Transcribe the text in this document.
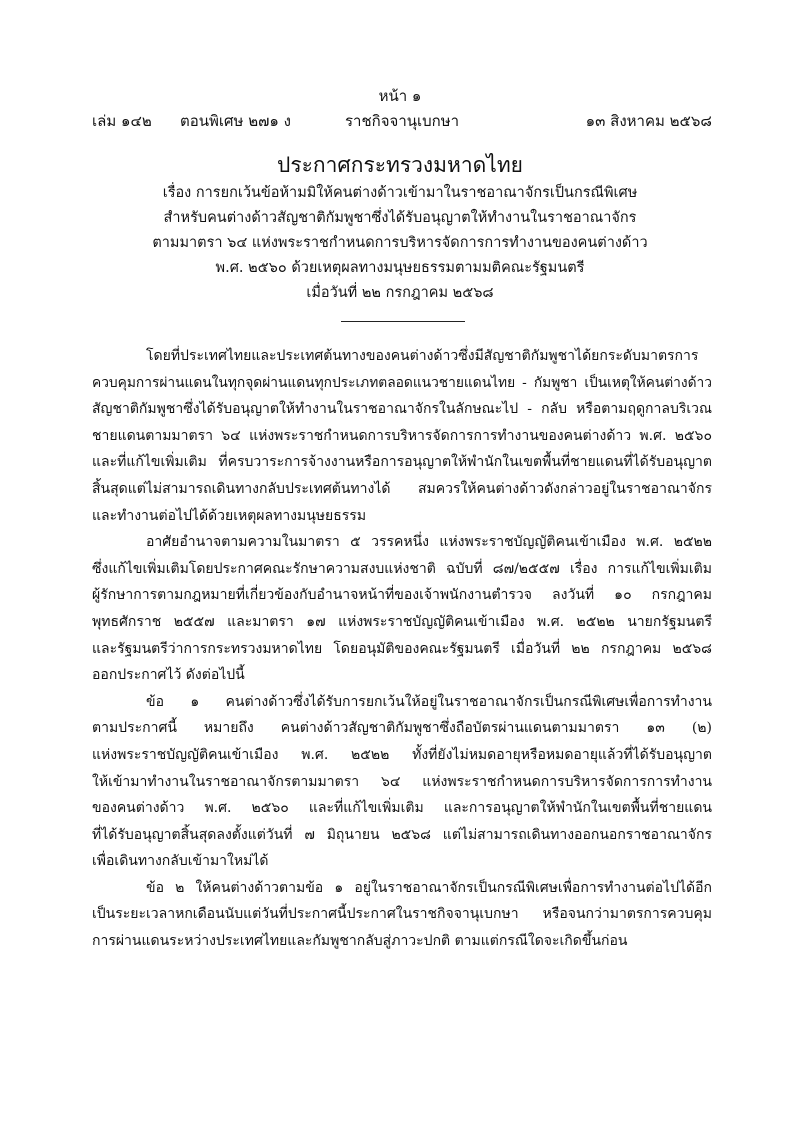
หน้า ๑
เล่ม ๑๔๒ ตอนพิเศษ ๒๗๑ ง	ราชกิจจานุเบกษา	๑๓ สิงหาคม ๒๕๖๘
ประกาศกระทรวงมหาดไทย
เรื่อง การยกเว้นข้อห้ามมิให้คนต่างด้าวเข้ามาในราชอาณาจักรเป็นกรณีพิเศษ
สำหรับคนต่างด้าวสัญชาติกัมพูชาซึ่งได้รับอนุญาตให้ทำงานในราชอาณาจักร
ตามมาตรา ๖๔ แห่งพระราชกำหนดการบริหารจัดการการทำงานของคนต่างด้าว
พ.ศ. ๒๕๖๐ ด้วยเหตุผลทางมนุษยธรรมตามมติคณะรัฐมนตรี
เมื่อวันที่ ๒๒ กรกฎาคม ๒๕๖๘

โดยที่ประเทศไทยและประเทศต้นทางของคนต่างด้าวซึ่งมีสัญชาติกัมพูชาได้ยกระดับมาตรการ
ควบคุมการผ่านแดนในทุกจุดผ่านแดนทุกประเภทตลอดแนวชายแดนไทย - กัมพูชา เป็นเหตุให้คนต่างด้าว
สัญชาติกัมพูชาซึ่งได้รับอนุญาตให้ทำงานในราชอาณาจักรในลักษณะไป - กลับ หรือตามฤดูกาลบริเวณ
ชายแดนตามมาตรา ๖๔ แห่งพระราชกำหนดการบริหารจัดการการทำงานของคนต่างด้าว พ.ศ. ๒๕๖๐
และที่แก้ไขเพิ่มเติม ที่ครบวาระการจ้างงานหรือการอนุญาตให้พำนักในเขตพื้นที่ชายแดนที่ได้รับอนุญาต
สิ้นสุดแต่ไม่สามารถเดินทางกลับประเทศต้นทางได้ สมควรให้คนต่างด้าวดังกล่าวอยู่ในราชอาณาจักร
และทำงานต่อไปได้ด้วยเหตุผลทางมนุษยธรรม

อาศัยอำนาจตามความในมาตรา ๕ วรรคหนึ่ง แห่งพระราชบัญญัติคนเข้าเมือง พ.ศ. ๒๕๒๒
ซึ่งแก้ไขเพิ่มเติมโดยประกาศคณะรักษาความสงบแห่งชาติ ฉบับที่ ๘๗/๒๕๕๗ เรื่อง การแก้ไขเพิ่มเติม
ผู้รักษาการตามกฎหมายที่เกี่ยวข้องกับอำนาจหน้าที่ของเจ้าพนักงานตำรวจ ลงวันที่ ๑๐ กรกฎาคม
พุทธศักราช ๒๕๕๗ และมาตรา ๑๗ แห่งพระราชบัญญัติคนเข้าเมือง พ.ศ. ๒๕๒๒ นายกรัฐมนตรี
และรัฐมนตรีว่าการกระทรวงมหาดไทย โดยอนุมัติของคณะรัฐมนตรี เมื่อวันที่ ๒๒ กรกฎาคม ๒๕๖๘
ออกประกาศไว้ ดังต่อไปนี้

ข้อ ๑ คนต่างด้าวซึ่งได้รับการยกเว้นให้อยู่ในราชอาณาจักรเป็นกรณีพิเศษเพื่อการทำงาน
ตามประกาศนี้ หมายถึง คนต่างด้าวสัญชาติกัมพูชาซึ่งถือบัตรผ่านแดนตามมาตรา ๑๓ (๒)
แห่งพระราชบัญญัติคนเข้าเมือง พ.ศ. ๒๕๒๒ ทั้งที่ยังไม่หมดอายุหรือหมดอายุแล้วที่ได้รับอนุญาต
ให้เข้ามาทำงานในราชอาณาจักรตามมาตรา ๖๔ แห่งพระราชกำหนดการบริหารจัดการการทำงาน
ของคนต่างด้าว พ.ศ. ๒๕๖๐ และที่แก้ไขเพิ่มเติม และการอนุญาตให้พำนักในเขตพื้นที่ชายแดน
ที่ได้รับอนุญาตสิ้นสุดลงตั้งแต่วันที่ ๗ มิถุนายน ๒๕๖๘ แต่ไม่สามารถเดินทางออกนอกราชอาณาจักร
เพื่อเดินทางกลับเข้ามาใหม่ได้

ข้อ ๒ ให้คนต่างด้าวตามข้อ ๑ อยู่ในราชอาณาจักรเป็นกรณีพิเศษเพื่อการทำงานต่อไปได้อีก
เป็นระยะเวลาหกเดือนนับแต่วันที่ประกาศนี้ประกาศในราชกิจจานุเบกษา หรือจนกว่ามาตรการควบคุม
การผ่านแดนระหว่างประเทศไทยและกัมพูชากลับสู่ภาวะปกติ ตามแต่กรณีใดจะเกิดขึ้นก่อน
